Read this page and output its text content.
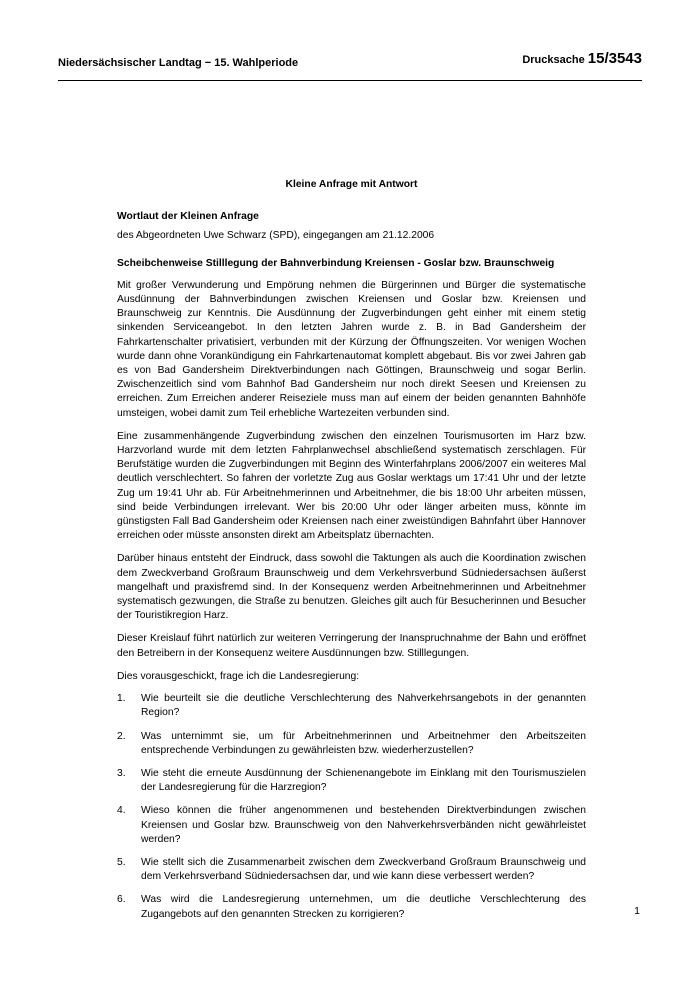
Niedersächsischer Landtag − 15. Wahlperiode	Drucksache 15/3543
Kleine Anfrage mit Antwort
Wortlaut der Kleinen Anfrage
des Abgeordneten Uwe Schwarz (SPD), eingegangen am 21.12.2006
Scheibchenweise Stilllegung der Bahnverbindung Kreiensen - Goslar bzw. Braunschweig

Mit großer Verwunderung und Empörung nehmen die Bürgerinnen und Bürger die systematische Ausdünnung der Bahnverbindungen zwischen Kreiensen und Goslar bzw. Kreiensen und Braunschweig zur Kenntnis. Die Ausdünnung der Zugverbindungen geht einher mit einem stetig sinkenden Serviceangebot. In den letzten Jahren wurde z. B. in Bad Gandersheim der Fahrkartenschalter privatisiert, verbunden mit der Kürzung der Öffnungszeiten. Vor wenigen Wochen wurde dann ohne Vorankündigung ein Fahrkartenautomat komplett abgebaut. Bis vor zwei Jahren gab es von Bad Gandersheim Direktverbindungen nach Göttingen, Braunschweig und sogar Berlin. Zwischenzeitlich sind vom Bahnhof Bad Gandersheim nur noch direkt Seesen und Kreiensen zu erreichen. Zum Erreichen anderer Reiseziele muss man auf einem der beiden genannten Bahnhöfe umsteigen, wobei damit zum Teil erhebliche Wartezeiten verbunden sind.

Eine zusammenhängende Zugverbindung zwischen den einzelnen Tourismusorten im Harz bzw. Harzvorland wurde mit dem letzten Fahrplanwechsel abschließend systematisch zerschlagen. Für Berufstätige wurden die Zugverbindungen mit Beginn des Winterfahrplans 2006/2007 ein weiteres Mal deutlich verschlechtert. So fahren der vorletzte Zug aus Goslar werktags um 17:41 Uhr und der letzte Zug um 19:41 Uhr ab. Für Arbeitnehmerinnen und Arbeitnehmer, die bis 18:00 Uhr arbeiten müssen, sind beide Verbindungen irrelevant. Wer bis 20:00 Uhr oder länger arbeiten muss, könnte im günstigsten Fall Bad Gandersheim oder Kreiensen nach einer zweistündigen Bahnfahrt über Hannover erreichen oder müsste ansonsten direkt am Arbeitsplatz übernachten.

Darüber hinaus entsteht der Eindruck, dass sowohl die Taktungen als auch die Koordination zwischen dem Zweckverband Großraum Braunschweig und dem Verkehrsverbund Südniedersachsen äußerst mangelhaft und praxisfremd sind. In der Konsequenz werden Arbeitnehmerinnen und Arbeitnehmer systematisch gezwungen, die Straße zu benutzen. Gleiches gilt auch für Besucherinnen und Besucher der Touristikregion Harz.

Dieser Kreislauf führt natürlich zur weiteren Verringerung der Inanspruchnahme der Bahn und eröffnet den Betreibern in der Konsequenz weitere Ausdünnungen bzw. Stilllegungen.

Dies vorausgeschickt, frage ich die Landesregierung:

1. Wie beurteilt sie die deutliche Verschlechterung des Nahverkehrsangebots in der genannten Region?
2. Was unternimmt sie, um für Arbeitnehmerinnen und Arbeitnehmer den Arbeitszeiten entsprechende Verbindungen zu gewährleisten bzw. wiederherzustellen?
3. Wie steht die erneute Ausdünnung der Schienenangebote im Einklang mit den Tourismuszielen der Landesregierung für die Harzregion?
4. Wieso können die früher angenommenen und bestehenden Direktverbindungen zwischen Kreiensen und Goslar bzw. Braunschweig von den Nahverkehrsverbänden nicht gewährleistet werden?
5. Wie stellt sich die Zusammenarbeit zwischen dem Zweckverband Großraum Braunschweig und dem Verkehrsverband Südniedersachsen dar, und wie kann diese verbessert werden?
6. Was wird die Landesregierung unternehmen, um die deutliche Verschlechterung des Zugangebots auf den genannten Strecken zu korrigieren?	1
